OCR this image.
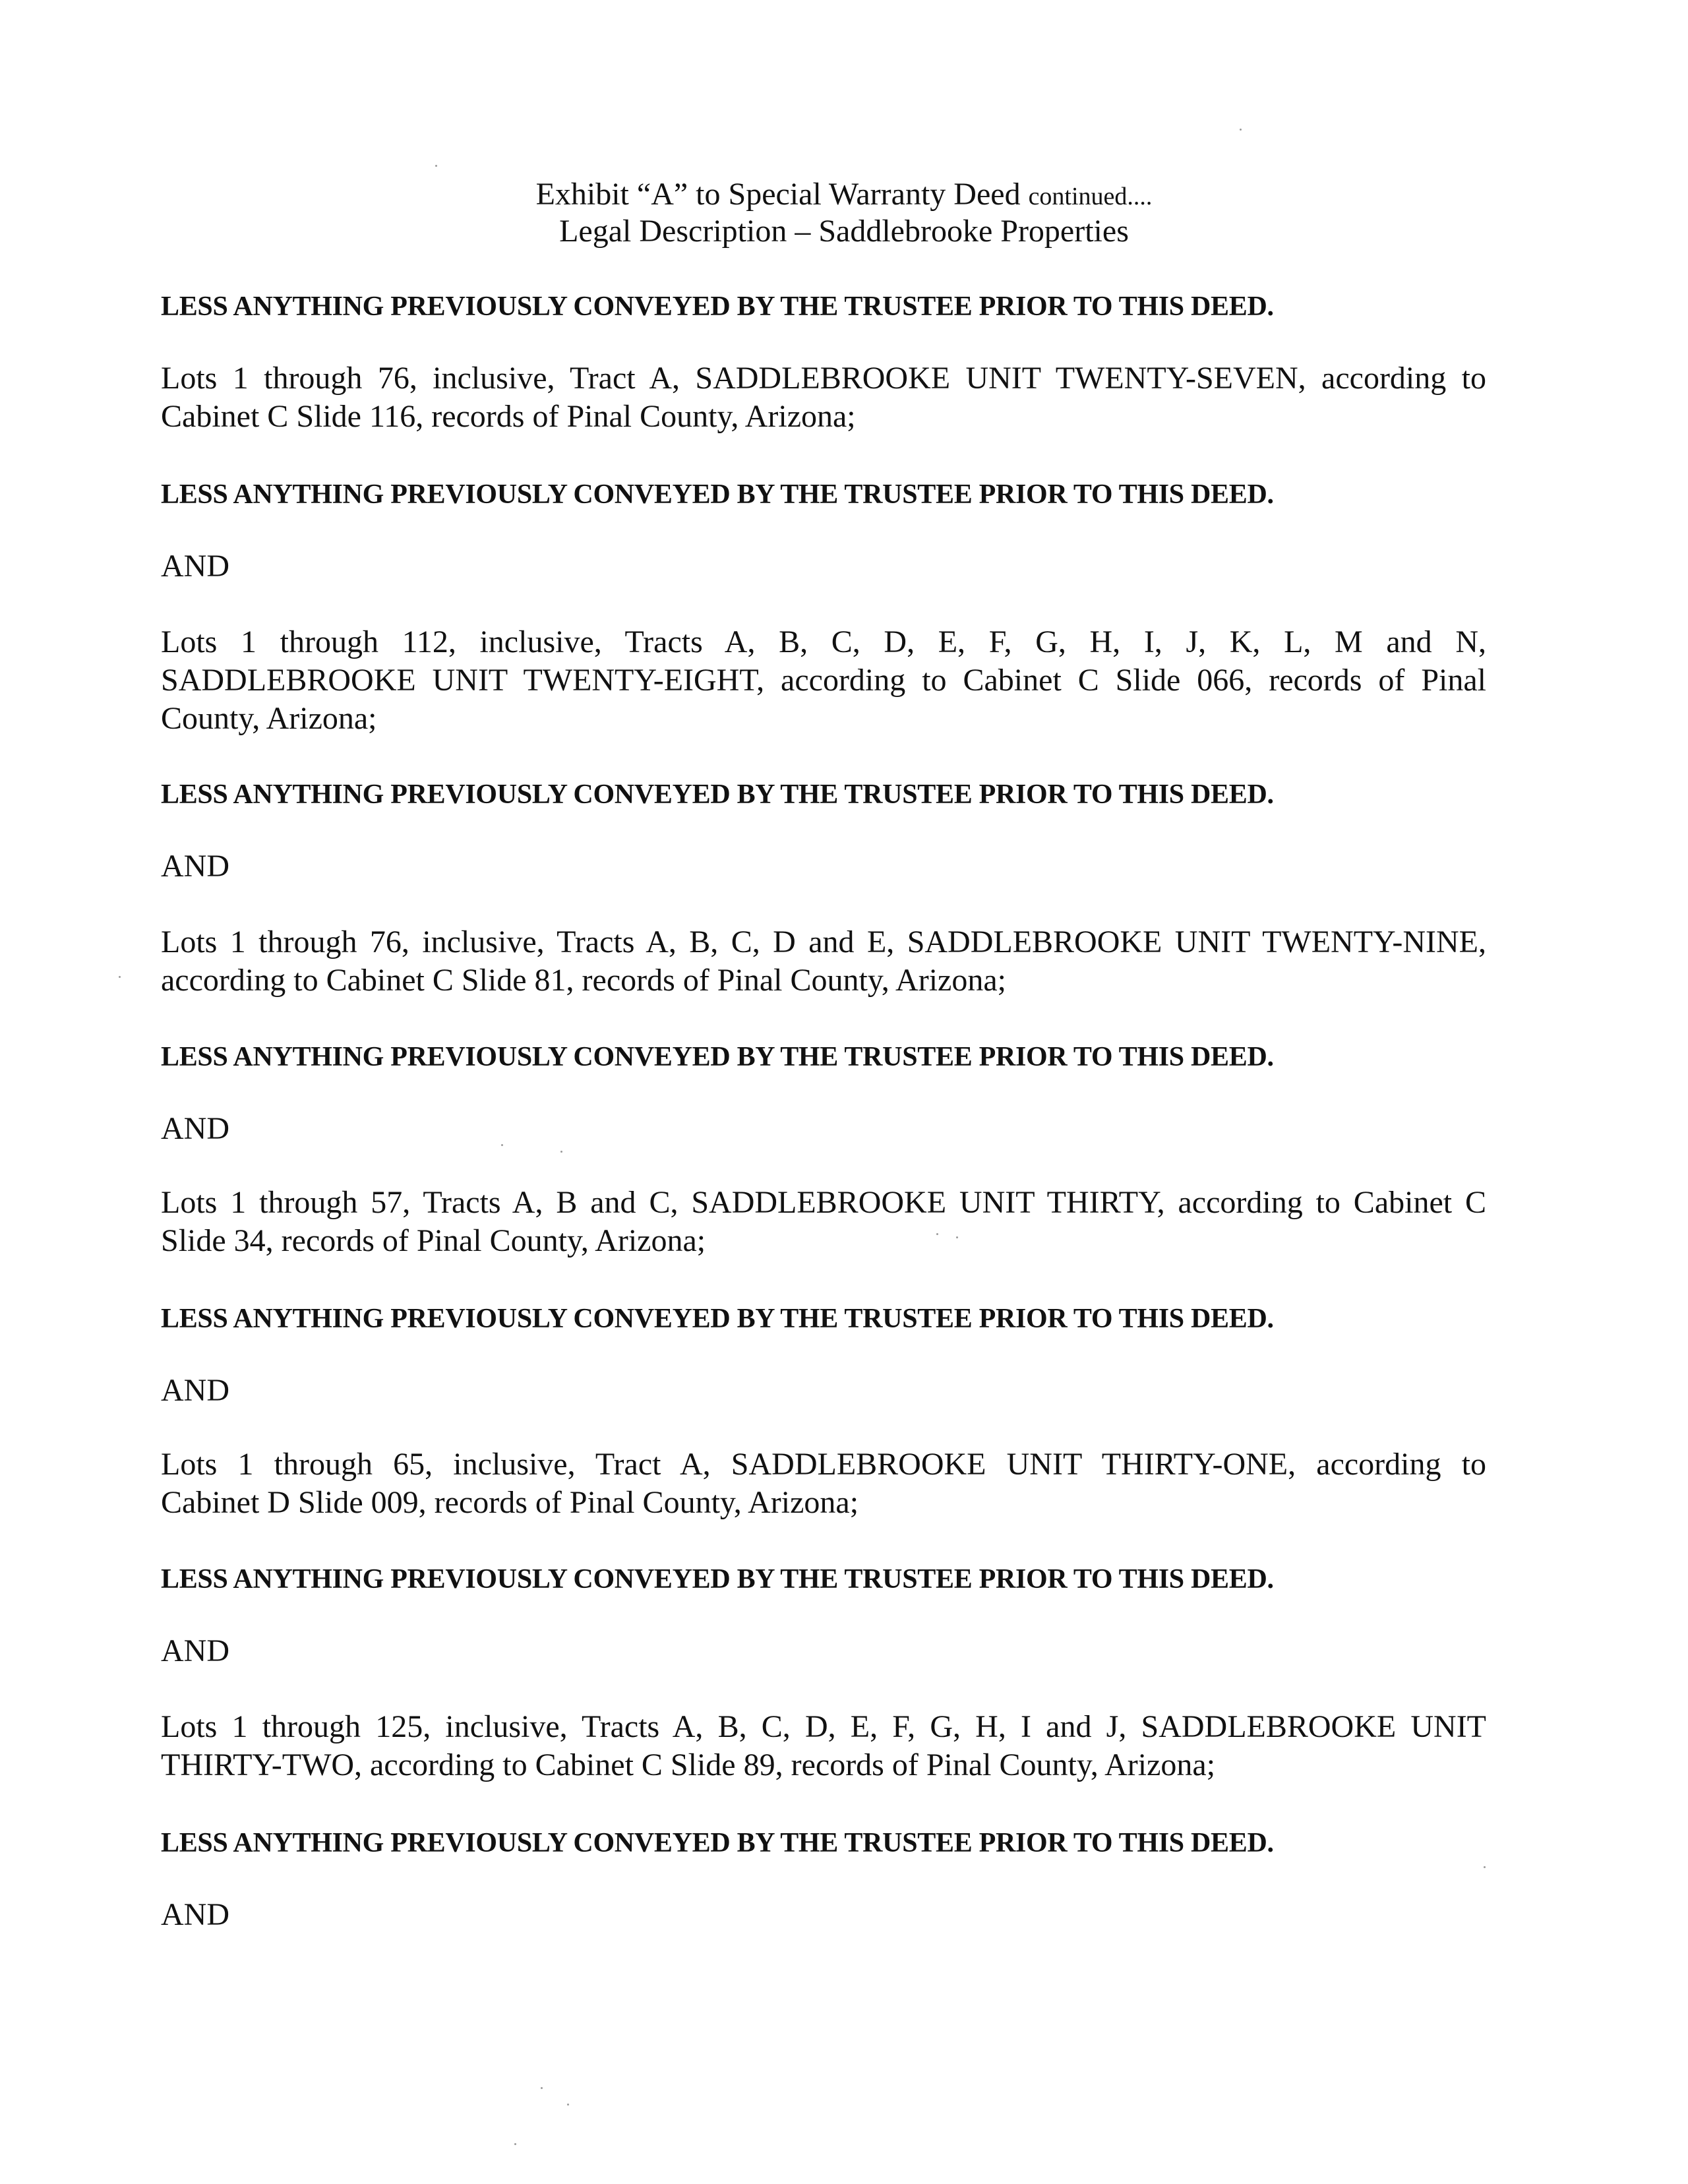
Exhibit “A” to Special Warranty Deed continued....
Legal Description – Saddlebrooke Properties
LESS ANYTHING PREVIOUSLY CONVEYED BY THE TRUSTEE PRIOR TO THIS DEED.
Lots 1 through 76, inclusive, Tract A, SADDLEBROOKE UNIT TWENTY-SEVEN, according to
Cabinet C Slide 116, records of Pinal County, Arizona;
LESS ANYTHING PREVIOUSLY CONVEYED BY THE TRUSTEE PRIOR TO THIS DEED.
AND
Lots 1 through 112, inclusive, Tracts A, B, C, D, E, F, G, H, I, J, K, L, M and N,
SADDLEBROOKE UNIT TWENTY-EIGHT, according to Cabinet C Slide 066, records of Pinal
County, Arizona;
LESS ANYTHING PREVIOUSLY CONVEYED BY THE TRUSTEE PRIOR TO THIS DEED.
AND
Lots 1 through 76, inclusive, Tracts A, B, C, D and E, SADDLEBROOKE UNIT TWENTY-NINE,
according to Cabinet C Slide 81, records of Pinal County, Arizona;
LESS ANYTHING PREVIOUSLY CONVEYED BY THE TRUSTEE PRIOR TO THIS DEED.
AND
Lots 1 through 57, Tracts A, B and C, SADDLEBROOKE UNIT THIRTY, according to Cabinet C
Slide 34, records of Pinal County, Arizona;
LESS ANYTHING PREVIOUSLY CONVEYED BY THE TRUSTEE PRIOR TO THIS DEED.
AND
Lots 1 through 65, inclusive, Tract A, SADDLEBROOKE UNIT THIRTY-ONE, according to
Cabinet D Slide 009, records of Pinal County, Arizona;
LESS ANYTHING PREVIOUSLY CONVEYED BY THE TRUSTEE PRIOR TO THIS DEED.
AND
Lots 1 through 125, inclusive, Tracts A, B, C, D, E, F, G, H, I and J, SADDLEBROOKE UNIT
THIRTY-TWO, according to Cabinet C Slide 89, records of Pinal County, Arizona;
LESS ANYTHING PREVIOUSLY CONVEYED BY THE TRUSTEE PRIOR TO THIS DEED.
AND
